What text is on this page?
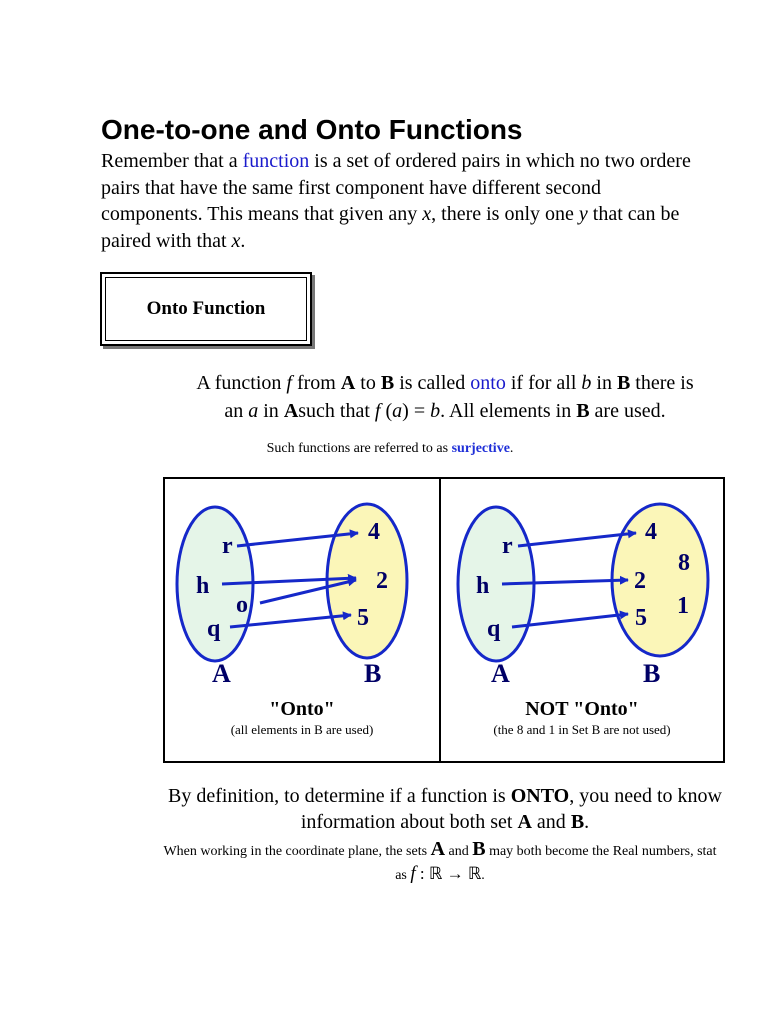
One-to-one and Onto Functions
Remember that a function is a set of ordered pairs in which no two ordere
pairs that have the same first component have different second
components. This means that given any x, there is only one y that can be
paired with that x.
Onto Function
A function f from A to B is called onto if for all b in B there is
an a in Asuch that f (a) = b. All elements in B are used.
Such functions are referred to as surjective.
r
h
o
q
4
2
5
A	B
r
h
q
4
2
5
8
1
A	B
"Onto"
(all elements in B are used)
NOT "Onto"
(the 8 and 1 in Set B are not used)
By definition, to determine if a function is ONTO, you need to know
information about both set A and B.
When working in the coordinate plane, the sets A and B may both become the Real numbers, stat
as f : ℝ → ℝ.
